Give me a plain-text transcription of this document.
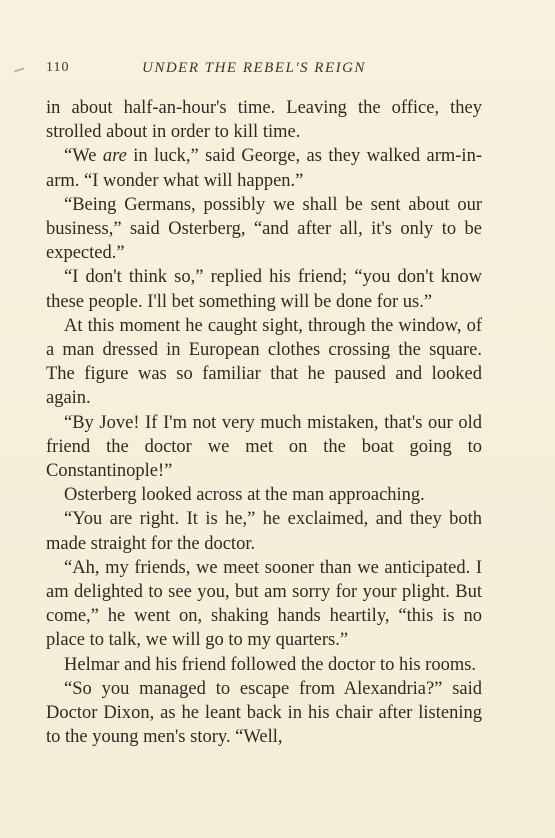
110	UNDER THE REBEL'S REIGN

in about half-an-hour's time. Leaving the office, they strolled about in order to kill time.

“We are in luck,” said George, as they walked arm-in-arm. “I wonder what will happen.”

“Being Germans, possibly we shall be sent about our business,” said Osterberg, “and after all, it's only to be expected.”

“I don't think so,” replied his friend; “you don't know these people. I'll bet something will be done for us.”

At this moment he caught sight, through the window, of a man dressed in European clothes crossing the square. The figure was so familiar that he paused and looked again.

“By Jove! If I'm not very much mistaken, that's our old friend the doctor we met on the boat going to Constantinople!”

Osterberg looked across at the man approaching.

“You are right. It is he,” he exclaimed, and they both made straight for the doctor.

“Ah, my friends, we meet sooner than we anticipated. I am delighted to see you, but am sorry for your plight. But come,” he went on, shaking hands heartily, “this is no place to talk, we will go to my quarters.”

Helmar and his friend followed the doctor to his rooms.

“So you managed to escape from Alexandria?” said Doctor Dixon, as he leant back in his chair after listening to the young men's story. “Well,
